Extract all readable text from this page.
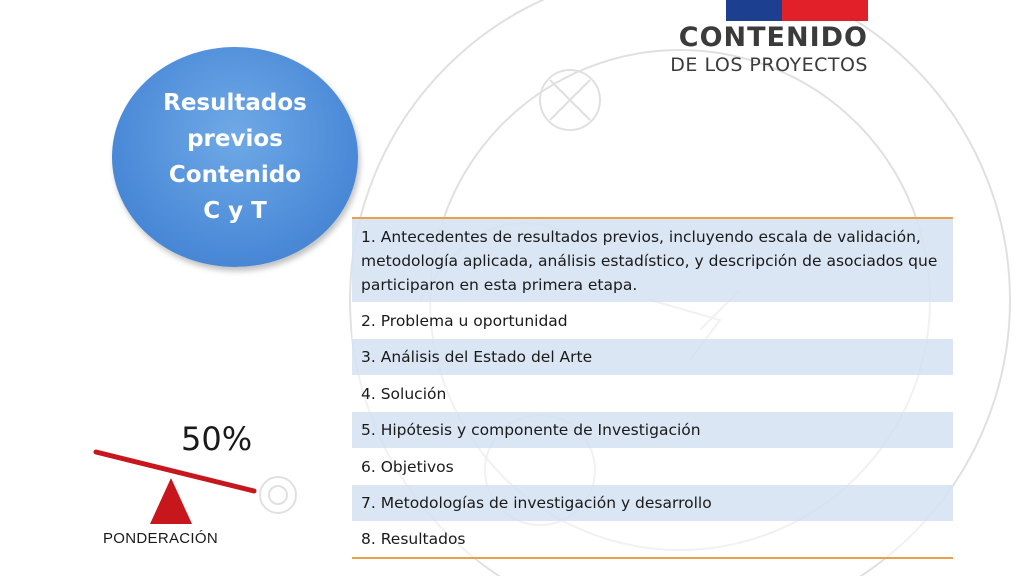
CONTENIDO
DE LOS PROYECTOS
Resultados
previos
Contenido
C y T
1. Antecedentes de resultados previos, incluyendo escala de validación, metodología aplicada, análisis estadístico, y descripción de asociados que participaron en esta primera etapa.
2. Problema u oportunidad
3. Análisis del Estado del Arte
4. Solución
5. Hipótesis y componente de Investigación
6. Objetivos
7. Metodologías de investigación y desarrollo
8. Resultados
50%
PONDERACIÓN
